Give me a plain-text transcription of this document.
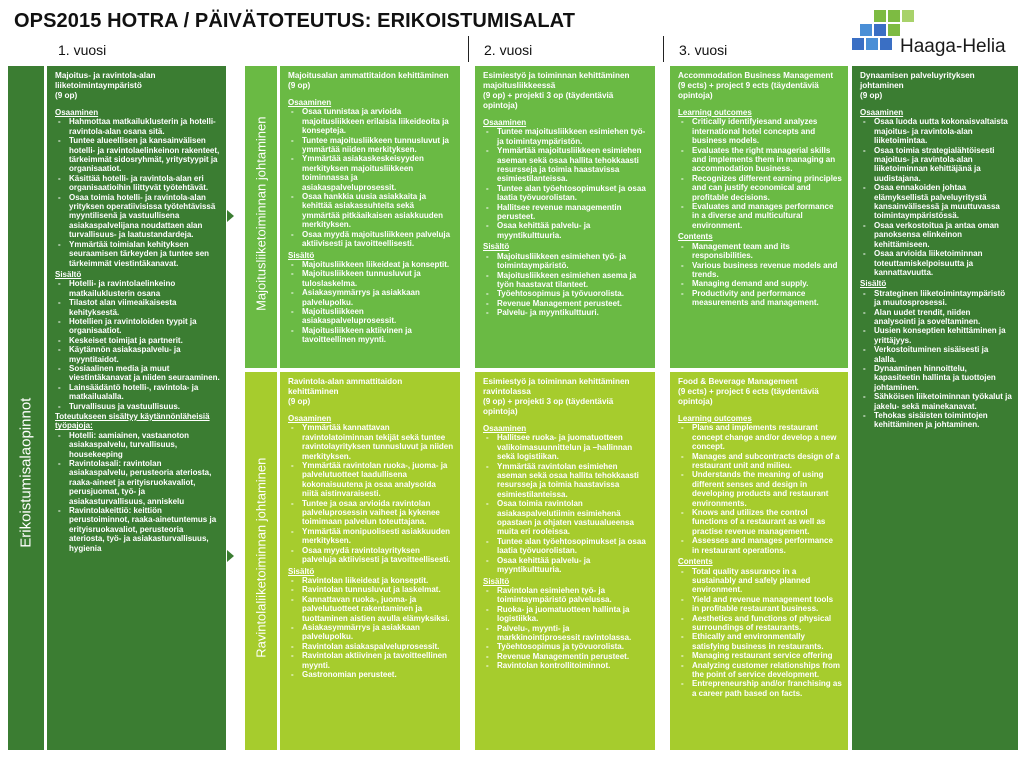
OPS2015 HOTRA / PÄIVÄTOTEUTUS: ERIKOISTUMISALAT
Haaga-Helia
1. vuosi	2. vuosi	3. vuosi
Erikoistumisalaopinnot
Majoitus- ja ravintola-alan liiketoimintaympäristö
(9 op)
Osaaminen
- Hahmottaa matkailuklusterin ja hotelli-ravintola-alan osana sitä.
- Tuntee alueellisen ja kansainvälisen hotelli- ja ravintolaelinkeinon rakenteet, tärkeimmät sidosryhmät, yritystyypit ja organisaatiot.
- Käsittää hotelli- ja ravintola-alan eri organisaatioihin liittyvät työtehtävät.
- Osaa toimia hotelli- ja ravintola-alan yrityksen operatiivisissa työtehtävissä myyntilisenä ja vastuullisena asiakaspalvelijana noudattaen alan turvallisuus- ja laatustandardeja.
- Ymmärtää toimialan kehityksen seuraamisen tärkeyden ja tuntee sen tärkeimmät viestintäkanavat.
Sisältö
- Hotelli- ja ravintolaelinkeino matkailuklusterin osana
- Tilastot alan viimeaikaisesta kehityksestä.
- Hotellien ja ravintoloiden tyypit ja organisaatiot.
- Keskeiset toimijat ja partnerit.
- Käytännön asiakaspalvelu- ja myyntitaidot.
- Sosiaalinen media ja muut viestintäkanavat ja niiden seuraaminen.
- Lainsäädäntö hotelli-, ravintola- ja matkailualalla.
- Turvallisuus ja vastuullisuus.
Toteutukseen sisältyy käytännönläheisiä työpajoja:
- Hotelli: aamiainen, vastaanoton asiakaspalvelu, turvallisuus, housekeeping
- Ravintolasali: ravintolan asiakaspalvelu, perusteoria ateriosta, raaka-aineet ja erityisruokavaliot, perusjuomat, työ- ja asiakasturvallisuus, anniskelu
- Ravintolakeittiö: keittiön perustoiminnot, raaka-ainetuntemus ja erityisruokavaliot, perusteoria ateriosta, työ- ja asiakasturvallisuus, hygienia
Majoitusliiketoiminnan johtaminen
Ravintolaliiketoiminnan johtaminen
Majoitusalan ammattitaidon kehittäminen
(9 op)
Osaaminen
- Osaa tunnistaa ja arvioida majoitusliikkeen erilaisia liikeideoita ja konsepteja.
- Tuntee majoitusliikkeen tunnusluvut ja ymmärtää niiden merkityksen.
- Ymmärtää asiakaskeskeisyyden merkityksen majoitusliikkeen toiminnassa ja asiakaspalveluprosessit.
- Osaa hankkia uusia asiakkaita ja kehittää asiakassuhteita sekä ymmärtää pitkäaikaisen asiakkuuden merkityksen.
- Osaa myydä majoitusliikkeen palveluja aktiivisesti ja tavoitteellisesti.
Sisältö
- Majoitusliikkeen liikeideat ja konseptit.
- Majoitusliikkeen tunnusluvut ja tuloslaskelma.
- Asiakasymmärrys ja asiakkaan palvelupolku.
- Majoitusliikkeen asiakaspalveluprosessit.
- Majoitusliikkeen aktiivinen ja tavoitteellinen myynti.
Ravintola-alan ammattitaidon kehittäminen
(9 op)
Osaaminen
- Ymmärtää kannattavan ravintolatoiminnan tekijät sekä tuntee ravintolayrityksen tunnusluvut ja niiden merkityksen.
- Ymmärtää ravintolan ruoka-, juoma- ja palvelutuotteet laadullisena kokonaisuutena ja osaa analysoida niitä aistinvaraisesti.
- Tuntee ja osaa arvioida ravintolan palveluprosessin vaiheet ja kykenee toimimaan palvelun toteuttajana.
- Ymmärtää monipuolisesti asiakkuuden merkityksen.
- Osaa myydä ravintolayrityksen palveluja aktiivisesti ja tavoitteellisesti.
Sisältö
- Ravintolan liikeideat ja konseptit.
- Ravintolan tunnusluvut ja laskelmat.
- Kannattavan ruoka-, juoma- ja palvelutuotteet rakentaminen ja tuottaminen aistien avulla elämyksiksi.
- Asiakasymmärrys ja asiakkaan palvelupolku.
- Ravintolan asiakaspalveluprosessit.
- Ravintolan aktiivinen ja tavoitteellinen myynti.
- Gastronomian perusteet.
Esimiestyö ja toiminnan kehittäminen majoitusliikkeessä
(9 op) + projekti 3 op (täydentäviä opintoja)
Osaaminen
- Tuntee majoitusliikkeen esimiehen työ- ja toimintaympäristön.
- Ymmärtää majoitusliikkeen esimiehen aseman sekä osaa hallita tehokkaasti resursseja ja toimia haastavissa esimiestilanteissa.
- Tuntee alan työehtosopimukset ja osaa laatia työvuorolistan.
- Hallitsee revenue managementin perusteet.
- Osaa kehittää palvelu- ja myyntikulttuuria.
Sisältö
- Majoitusliikkeen esimiehen työ- ja toimintaympäristö.
- Majoitusliikkeen esimiehen asema ja työn haastavat tilanteet.
- Työehtosopimus ja työvuorolista.
- Revenue Management perusteet.
- Palvelu- ja myyntikulttuuri.
Esimiestyö ja toiminnan kehittäminen ravintolassa
(9 op) + projekti 3 op (täydentäviä opintoja)
Osaaminen
- Hallitsee ruoka- ja juomatuotteen valikoimasuunnittelun ja –hallinnan sekä logistiikan.
- Ymmärtää ravintolan esimiehen aseman sekä osaa hallita tehokkaasti resursseja ja toimia haastavissa esimiestilanteissa.
- Osaa toimia ravintolan asiakaspalvelutiimin esimiehenä opastaen ja ohjaten vastuualueensa muita eri rooleissa.
- Tuntee alan työehtosopimukset ja osaa laatia työvuorolistan.
- Osaa kehittää palvelu- ja myyntikulttuuria.
Sisältö
- Ravintolan esimiehen työ- ja toimintaympäristö palvelussa.
- Ruoka- ja juomatuotteen hallinta ja logistiikka.
- Palvelu-, myynti- ja markkinointiprosessit ravintolassa.
- Työehtosopimus ja työvuorolista.
- Revenue Managementin perusteet.
- Ravintolan kontrollitoiminnot.
Accommodation Business Management
(9 ects) + project 9 ects (täydentäviä opintoja)
Learning outcomes
- Critically identifyiesand analyzes international hotel concepts and business models.
- Evaluates the right managerial skills and implements them in managing an accommodation business.
- Recognizes different earning principles and can justify economical and profitable decisions.
- Evaluates and manages performance in a diverse and multicultural environment.
Contents
- Management team and its responsibilities.
- Various business revenue models and trends.
- Managing demand and supply.
- Productivity and performance measurements and management.
Food & Beverage Management
(9 ects) + project 6 ects (täydentäviä opintoja)
Learning outcomes
- Plans and implements restaurant concept change and/or develop a new concept.
- Manages and subcontracts design of a restaurant unit and milieu.
- Understands the meaning of using different senses and design in developing products and restaurant environments.
- Knows and utilizes the control functions of a restaurant as well as practise revenue management.
- Assesses and manages performance in restaurant operations.
Contents
- Total quality assurance in a sustainably and safely planned environment.
- Yield and revenue management tools in profitable restaurant business.
- Aesthetics and functions of physical surroundings of restaurants.
- Ethically and environmentally satisfying business in restaurants.
- Managing restaurant service offering
- Analyzing customer relationships from the point of service development.
- Entrepreneurship and/or franchising as a career path based on facts.
Dynaamisen palveluyrityksen johtaminen
(9 op)
Osaaminen
- Osaa luoda uutta kokonaisvaltaista majoitus- ja ravintola-alan liiketoimintaa.
- Osaa toimia strategialähtöisesti majoitus- ja ravintola-alan liiketoiminnan kehittäjänä ja uudistajana.
- Osaa ennakoiden johtaa elämyksellistä palveluyritystä kansainvälisessä ja muuttuvassa toimintaympäristössä.
- Osaa verkostoitua ja antaa oman panoksensa elinkeinon kehittämiseen.
- Osaa arvioida liiketoiminnan toteuttamiskelpoisuutta ja kannattavuutta.
Sisältö
- Strateginen liiketoimintaympäristö ja muutosprosessi.
- Alan uudet trendit, niiden analysointi ja soveltaminen.
- Uusien konseptien kehittäminen ja yrittäjyys.
- Verkostoituminen sisäisesti ja alalla.
- Dynaaminen hinnoittelu, kapasiteetin hallinta ja tuottojen johtaminen.
- Sähköisen liiketoiminnan työkalut ja jakelu- sekä mainekanavat.
- Tehokas sisäisten toimintojen kehittäminen ja johtaminen.
